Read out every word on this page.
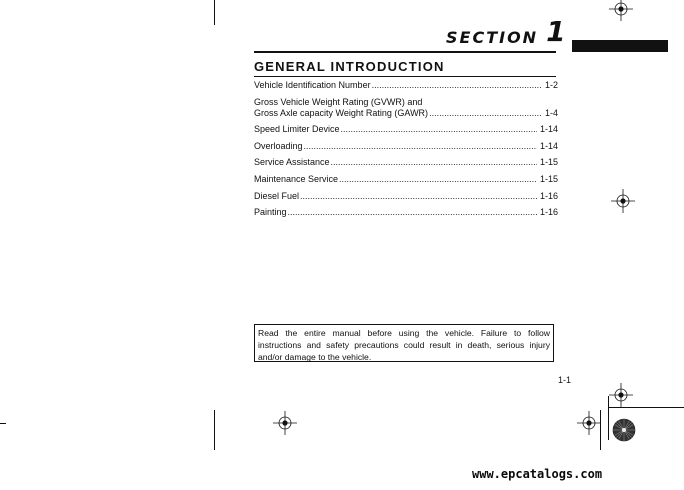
SECTION 1
GENERAL INTRODUCTION
Vehicle Identification Number .....	1-2
Gross Vehicle Weight Rating (GVWR) and
Gross Axle capacity Weight Rating (GAWR) .....	1-4
Speed Limiter Device .....	1-14
Overloading .....	1-14
Service Assistance .....	1-15
Maintenance Service .....	1-15
Diesel Fuel .....	1-16
Painting .....	1-16
Read the entire manual before using the vehicle. Failure to follow instructions and safety precautions could result in death, serious injury and/or damage to the vehicle.
1-1
www.epcatalogs.com
